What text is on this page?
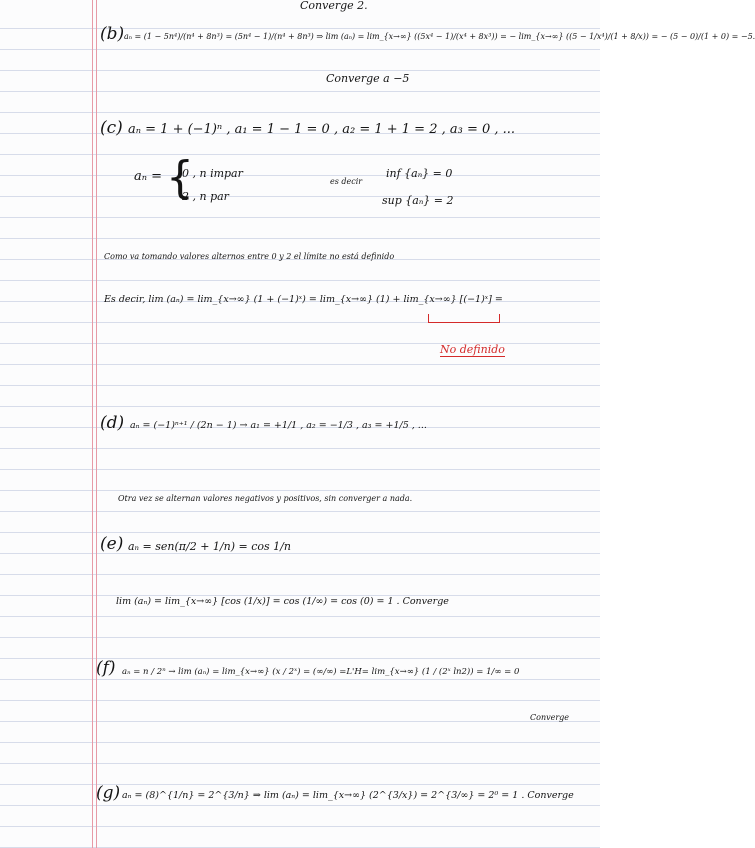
Converge 2.
(b) aₙ = (1 − 5n⁴)/(n⁴ + 8n³) = (5n⁴ − 1)/(n⁴ + 8n³) ⇒ lim (aₙ) = lim_{x→∞} ((5x⁴ − 1)/(x⁴ + 8x³)) = − lim_{x→∞} ((5 − 1/x⁴)/(1 + 8/x)) = − (5 − 0)/(1 + 0) = −5.
Converge a −5
(c) aₙ = 1 + (−1)ⁿ , a₁ = 1 − 1 = 0 , a₂ = 1 + 1 = 2 , a₃ = 0 , ...
aₙ = {
0 , n impar
2 , n par
es decir
inf {aₙ} = 0
sup {aₙ} = 2
Como va tomando valores alternos entre 0 y 2 el límite no está definido
Es decir, lim (aₙ) = lim_{x→∞} (1 + (−1)ˣ) = lim_{x→∞} (1) + lim_{x→∞} [(−1)ˣ] =
No definido
(d) aₙ = (−1)ⁿ⁺¹ / (2n − 1) → a₁ = +1/1 , a₂ = −1/3 , a₃ = +1/5 , ...
Otra vez se alternan valores negativos y positivos, sin converger a nada.
(e) aₙ = sen(π/2 + 1/n) = cos 1/n
lim (aₙ) = lim_{x→∞} [cos (1/x)] = cos (1/∞) = cos (0) = 1 . Converge
(f) aₙ = n / 2ⁿ → lim (aₙ) = lim_{x→∞} (x / 2ˣ) = (∞/∞) =L'H= lim_{x→∞} (1 / (2ˣ ln2)) = 1/∞ = 0
Converge
(g) aₙ = (8)^{1/n} = 2^{3/n} ⇒ lim (aₙ) = lim_{x→∞} (2^{3/x}) = 2^{3/∞} = 2⁰ = 1 . Converge
